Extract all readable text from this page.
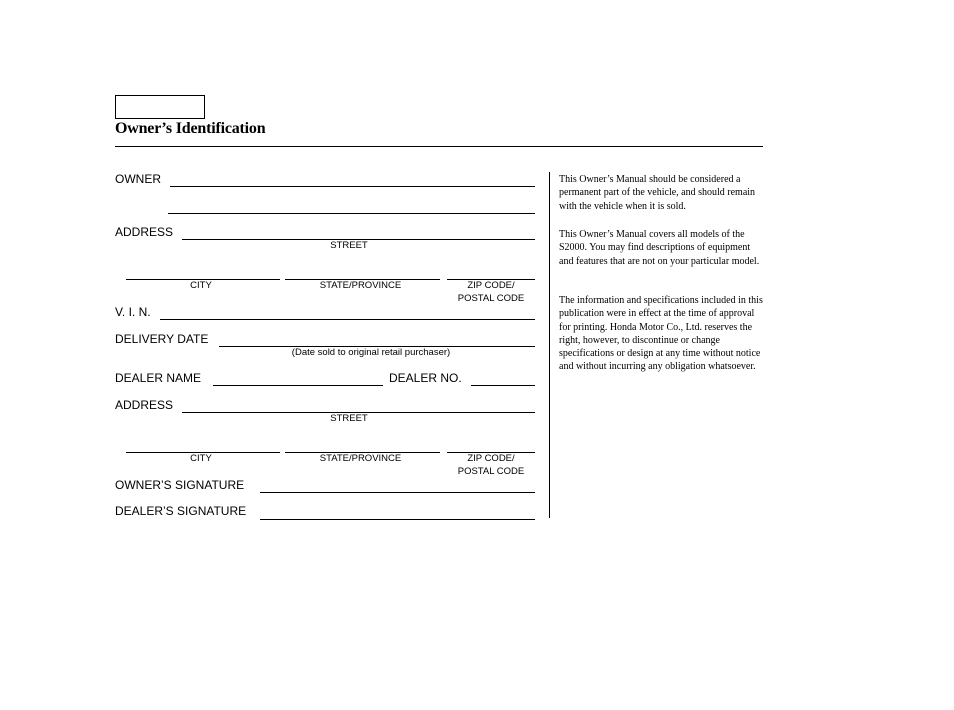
Owner’s Identification
OWNER
ADDRESS
STREET
CITY	STATE/PROVINCE	ZIP CODE/
POSTAL CODE
V. I. N.
DELIVERY DATE
(Date sold to original retail purchaser)
DEALER NAME	DEALER NO.
ADDRESS
STREET
CITY	STATE/PROVINCE	ZIP CODE/
POSTAL CODE
OWNER’S SIGNATURE
DEALER’S SIGNATURE
This Owner’s Manual should be considered a permanent part of the vehicle, and should remain with the vehicle when it is sold.
This Owner’s Manual covers all models of the S2000. You may find descriptions of equipment and features that are not on your particular model.
The information and specifications included in this publication were in effect at the time of approval for printing. Honda Motor Co., Ltd. reserves the right, however, to discontinue or change specifications or design at any time without notice and without incurring any obligation whatsoever.
